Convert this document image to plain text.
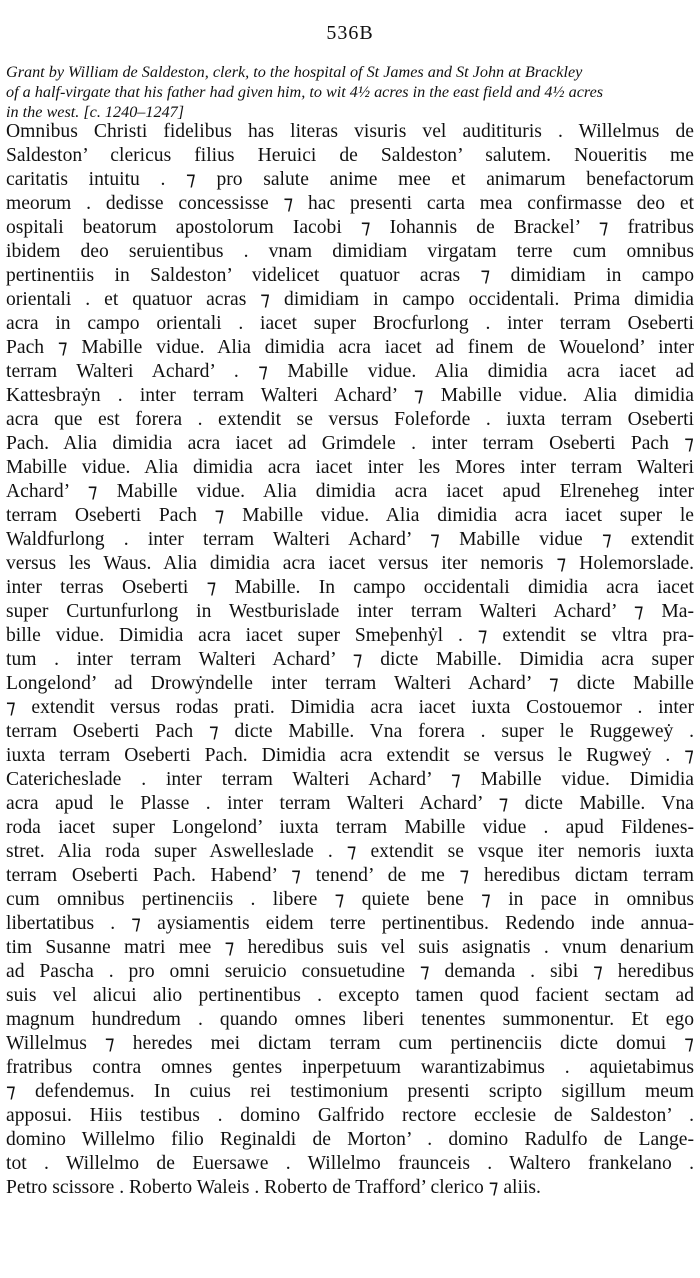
536B

Grant by William de Saldeston, clerk, to the hospital of St James and St John at Brackley
of a half-virgate that his father had given him, to wit 4½ acres in the east field and 4½ acres
in the west. [c. 1240–1247]

Omnibus Christi fidelibus has literas visuris vel auditituris . Willelmus de
Saldeston’ clericus filius Heruici de Saldeston’ salutem. Noueritis me
caritatis intuitu . ⁊ pro salute anime mee et animarum benefactorum
meorum . dedisse concessisse ⁊ hac presenti carta mea confirmasse deo et
ospitali beatorum apostolorum Iacobi ⁊ Iohannis de Brackel’ ⁊ fratribus
ibidem deo seruientibus . vnam dimidiam virgatam terre cum omnibus
pertinentiis in Saldeston’ videlicet quatuor acras ⁊ dimidiam in campo
orientali . et quatuor acras ⁊ dimidiam in campo occidentali. Prima dimidia
acra in campo orientali . iacet super Brocfurlong . inter terram Oseberti
Pach ⁊ Mabille vidue. Alia dimidia acra iacet ad finem de Wouelond’ inter
terram Walteri Achard’ . ⁊ Mabille vidue. Alia dimidia acra iacet ad
Kattesbraẏn . inter terram Walteri Achard’ ⁊ Mabille vidue. Alia dimidia
acra que est forera . extendit se versus Foleforde . iuxta terram Oseberti
Pach. Alia dimidia acra iacet ad Grimdele . inter terram Oseberti Pach ⁊
Mabille vidue. Alia dimidia acra iacet inter les Mores inter terram Walteri
Achard’ ⁊ Mabille vidue. Alia dimidia acra iacet apud Elreneheg inter
terram Oseberti Pach ⁊ Mabille vidue. Alia dimidia acra iacet super le
Waldfurlong . inter terram Walteri Achard’ ⁊ Mabille vidue ⁊ extendit
versus les Waus. Alia dimidia acra iacet versus iter nemoris ⁊ Holemorslade.
inter terras Oseberti ⁊ Mabille. In campo occidentali dimidia acra iacet
super Curtunfurlong in Westburislade inter terram Walteri Achard’ ⁊ Ma-
bille vidue. Dimidia acra iacet super Smeþenhẏl . ⁊ extendit se vltra pra-
tum . inter terram Walteri Achard’ ⁊ dicte Mabille. Dimidia acra super
Longelond’ ad Drowẏndelle inter terram Walteri Achard’ ⁊ dicte Mabille
⁊ extendit versus rodas prati. Dimidia acra iacet iuxta Costouemor . inter
terram Oseberti Pach ⁊ dicte Mabille. Vna forera . super le Ruggeweẏ .
iuxta terram Oseberti Pach. Dimidia acra extendit se versus le Rugweẏ . ⁊
Catericheslade . inter terram Walteri Achard’ ⁊ Mabille vidue. Dimidia
acra apud le Plasse . inter terram Walteri Achard’ ⁊ dicte Mabille. Vna
roda iacet super Longelond’ iuxta terram Mabille vidue . apud Fildenes-
stret. Alia roda super Aswelleslade . ⁊ extendit se vsque iter nemoris iuxta
terram Oseberti Pach. Habend’ ⁊ tenend’ de me ⁊ heredibus dictam terram
cum omnibus pertinenciis . libere ⁊ quiete bene ⁊ in pace in omnibus
libertatibus . ⁊ aysiamentis eidem terre pertinentibus. Redendo inde annua-
tim Susanne matri mee ⁊ heredibus suis vel suis asignatis . vnum denarium
ad Pascha . pro omni seruicio consuetudine ⁊ demanda . sibi ⁊ heredibus
suis vel alicui alio pertinentibus . excepto tamen quod facient sectam ad
magnum hundredum . quando omnes liberi tenentes summonentur. Et ego
Willelmus ⁊ heredes mei dictam terram cum pertinenciis dicte domui ⁊
fratribus contra omnes gentes inperpetuum warantizabimus . aquietabimus
⁊ defendemus. In cuius rei testimonium presenti scripto sigillum meum
apposui. Hiis testibus . domino Galfrido rectore ecclesie de Saldeston’ .
domino Willelmo filio Reginaldi de Morton’ . domino Radulfo de Lange-
tot . Willelmo de Euersawe . Willelmo frаunceis . Waltero frankelano .
Petro scissore . Roberto Waleis . Roberto de Trafford’ clerico ⁊ aliis.
